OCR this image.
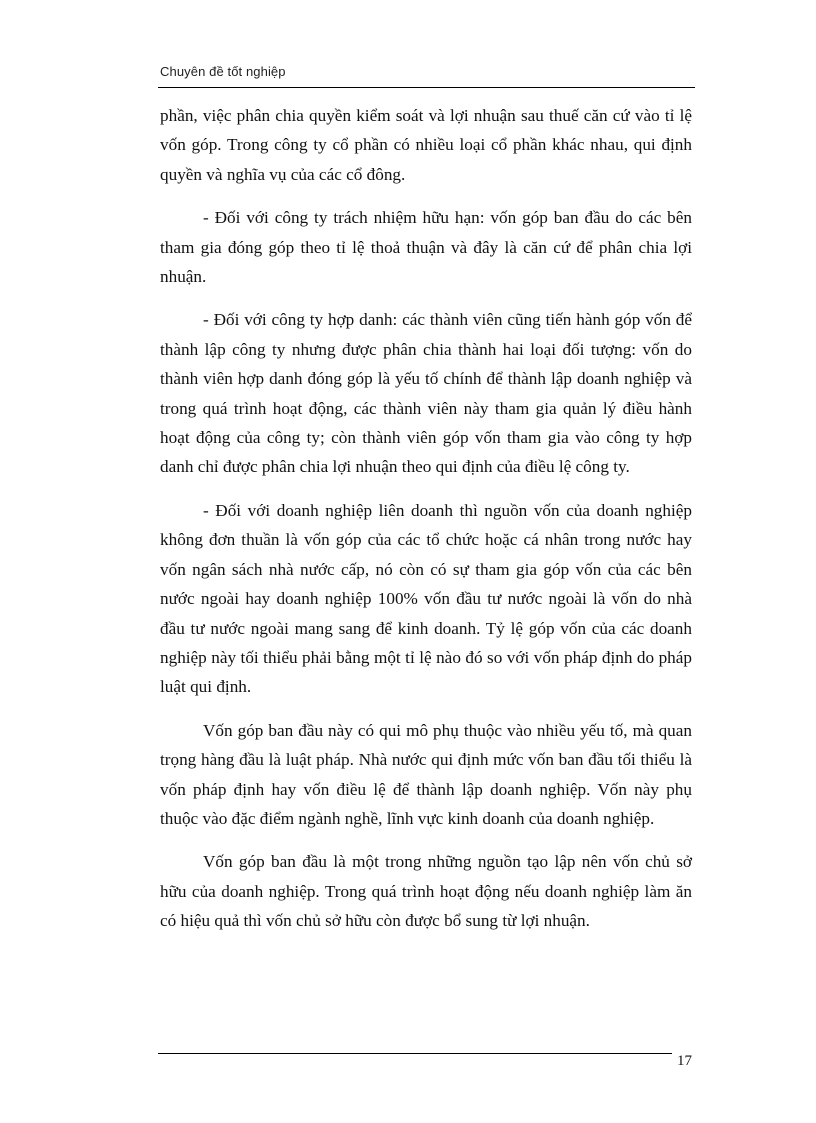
Chuyên đề tốt nghiệp

phần, việc phân chia quyền kiểm soát và lợi nhuận sau thuế căn cứ vào tỉ lệ vốn góp. Trong công ty cổ phần có nhiều loại cổ phần khác nhau, qui định quyền và nghĩa vụ của các cổ đông.

- Đối với công ty trách nhiệm hữu hạn: vốn góp ban đầu do các bên tham gia đóng góp theo tỉ lệ thoả thuận và đây là căn cứ để phân chia lợi nhuận.

- Đối với công ty hợp danh: các thành viên cũng tiến hành góp vốn để thành lập công ty nhưng được phân chia thành hai loại đối tượng: vốn do thành viên hợp danh đóng góp là yếu tố chính để thành lập doanh nghiệp và trong quá trình hoạt động, các thành viên này tham gia quản lý điều hành hoạt động của công ty; còn thành viên góp vốn tham gia vào công ty hợp danh chỉ được phân chia lợi nhuận theo qui định của điều lệ công ty.

- Đối với doanh nghiệp liên doanh thì nguồn vốn của doanh nghiệp không đơn thuần là vốn góp của các tổ chức hoặc cá nhân trong nước hay vốn ngân sách nhà nước cấp, nó còn có sự tham gia góp vốn của các bên nước ngoài hay doanh nghiệp 100% vốn đầu tư nước ngoài là vốn do nhà đầu tư nước ngoài mang sang để kinh doanh. Tỷ lệ góp vốn của các doanh nghiệp này tối thiểu phải bằng một tỉ lệ nào đó so với vốn pháp định do pháp luật qui định.

Vốn góp ban đầu này có qui mô phụ thuộc vào nhiều yếu tố, mà quan trọng hàng đầu là luật pháp. Nhà nước qui định mức vốn ban đầu tối thiểu là vốn pháp định hay vốn điều lệ để thành lập doanh nghiệp. Vốn này phụ thuộc vào đặc điểm ngành nghề, lĩnh vực kinh doanh của doanh nghiệp.

Vốn góp ban đầu là một trong những nguồn tạo lập nên vốn chủ sở hữu của doanh nghiệp. Trong quá trình hoạt động nếu doanh nghiệp làm ăn có hiệu quả thì vốn chủ sở hữu còn được bổ sung từ lợi nhuận.

17
